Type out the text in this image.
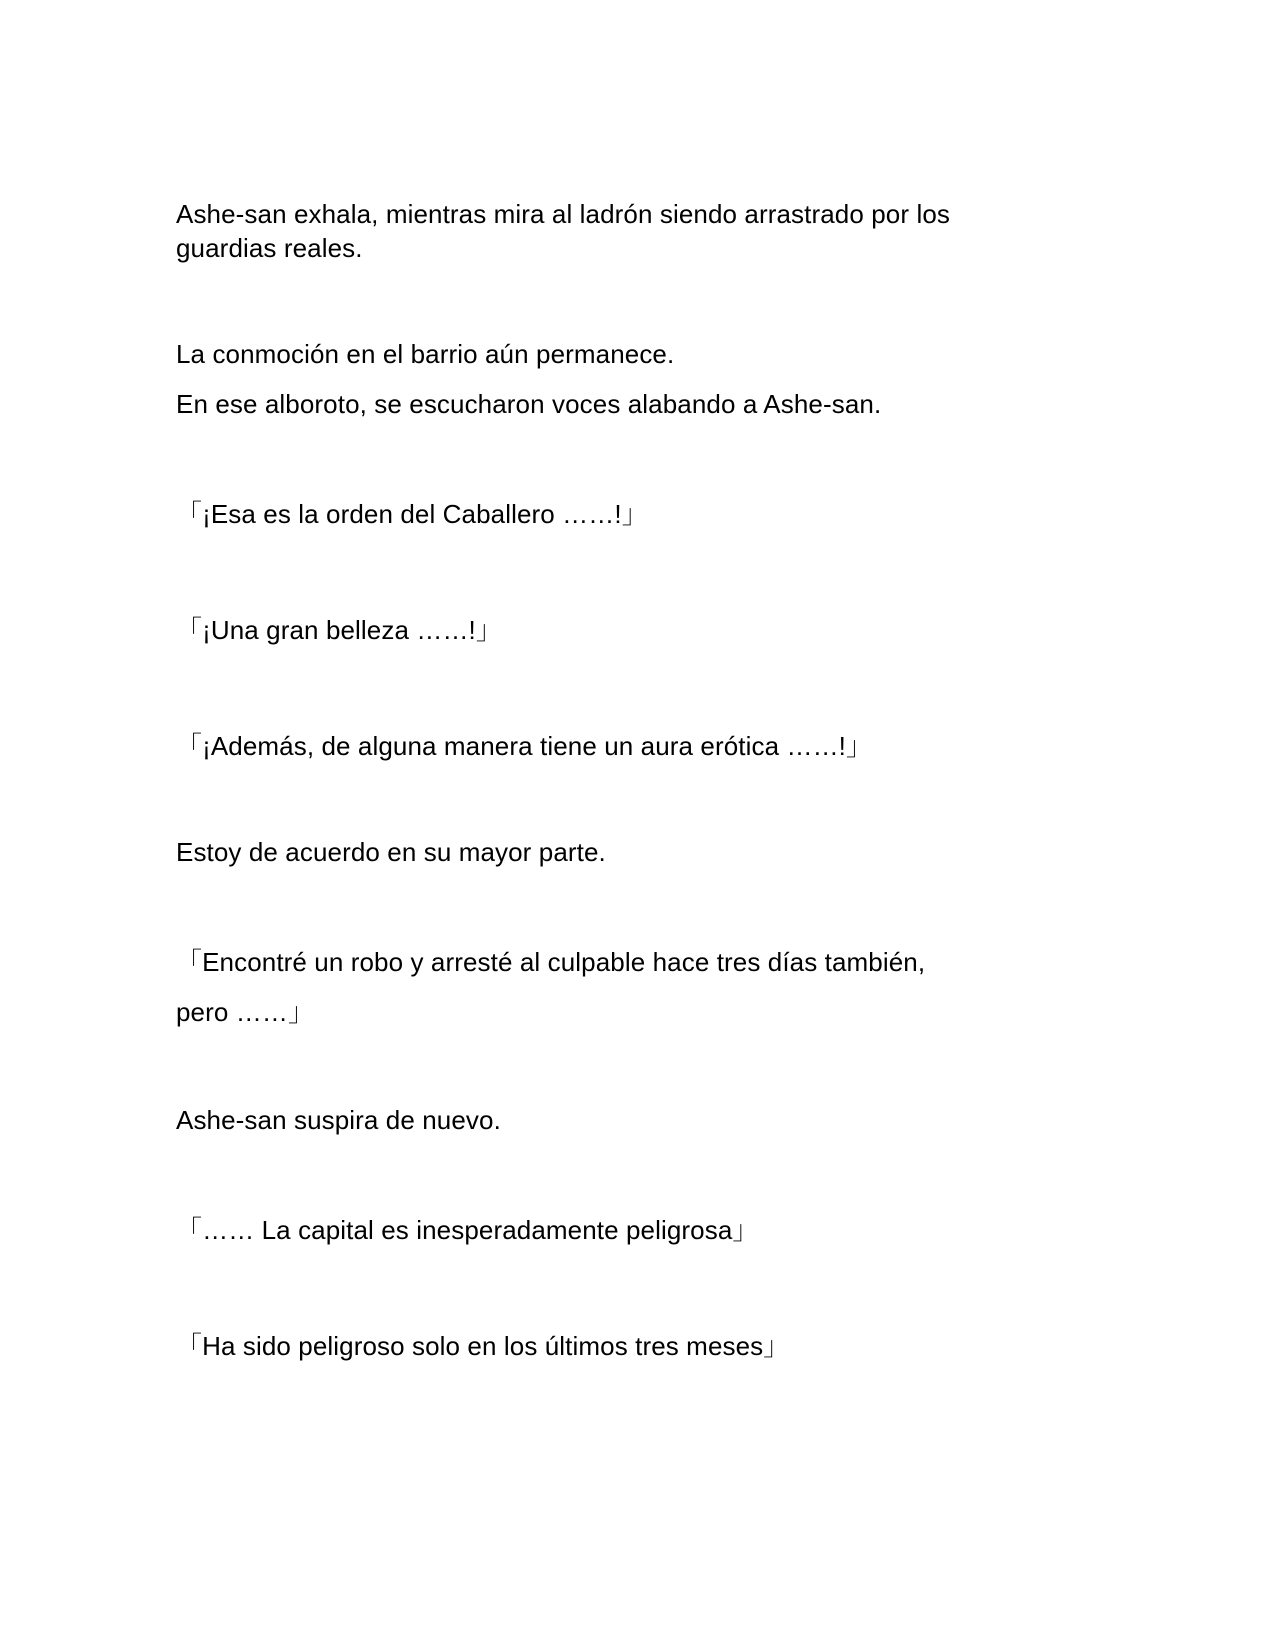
Ashe-san exhala, mientras mira al ladrón siendo arrastrado por los guardias reales.

La conmoción en el barrio aún permanece.

En ese alboroto, se escucharon voces alabando a Ashe-san.

「¡Esa es la orden del Caballero ……!」

「¡Una gran belleza ……!」

「¡Además, de alguna manera tiene un aura erótica ……!」

Estoy de acuerdo en su mayor parte.

「Encontré un robo y arresté al culpable hace tres días también,

pero ……」

Ashe-san suspira de nuevo.

「…… La capital es inesperadamente peligrosa」

「Ha sido peligroso solo en los últimos tres meses」
